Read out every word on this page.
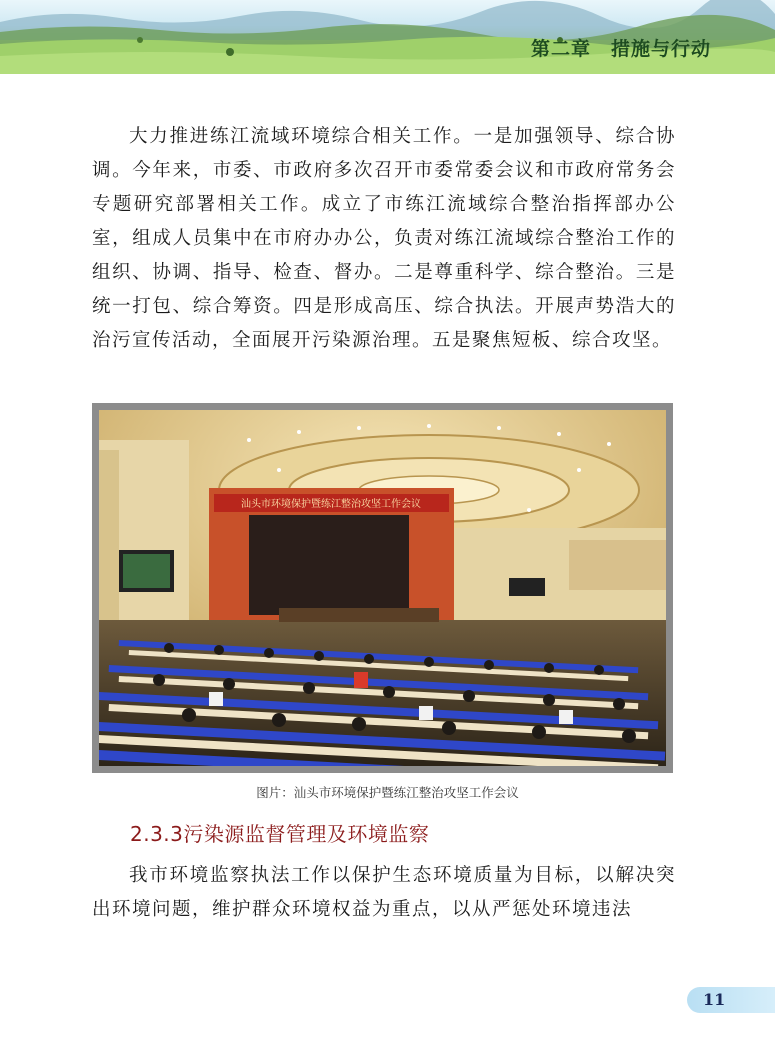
第二章　措施与行动

大力推进练江流域环境综合相关工作。一是加强领导、综合协调。今年来，市委、市政府多次召开市委常委会议和市政府常务会专题研究部署相关工作。成立了市练江流域综合整治指挥部办公室，组成人员集中在市府办办公，负责对练江流域综合整治工作的组织、协调、指导、检查、督办。二是尊重科学、综合整治。三是统一打包、综合筹资。四是形成高压、综合执法。开展声势浩大的治污宣传活动，全面展开污染源治理。五是聚焦短板、综合攻坚。

汕头市环境保护暨练江整治攻坚工作会议
图片：汕头市环境保护暨练江整治攻坚工作会议
2.3.3污染源监督管理及环境监察

我市环境监察执法工作以保护生态环境质量为目标，以解决突出环境问题，维护群众环境权益为重点，以从严惩处环境违法

11
